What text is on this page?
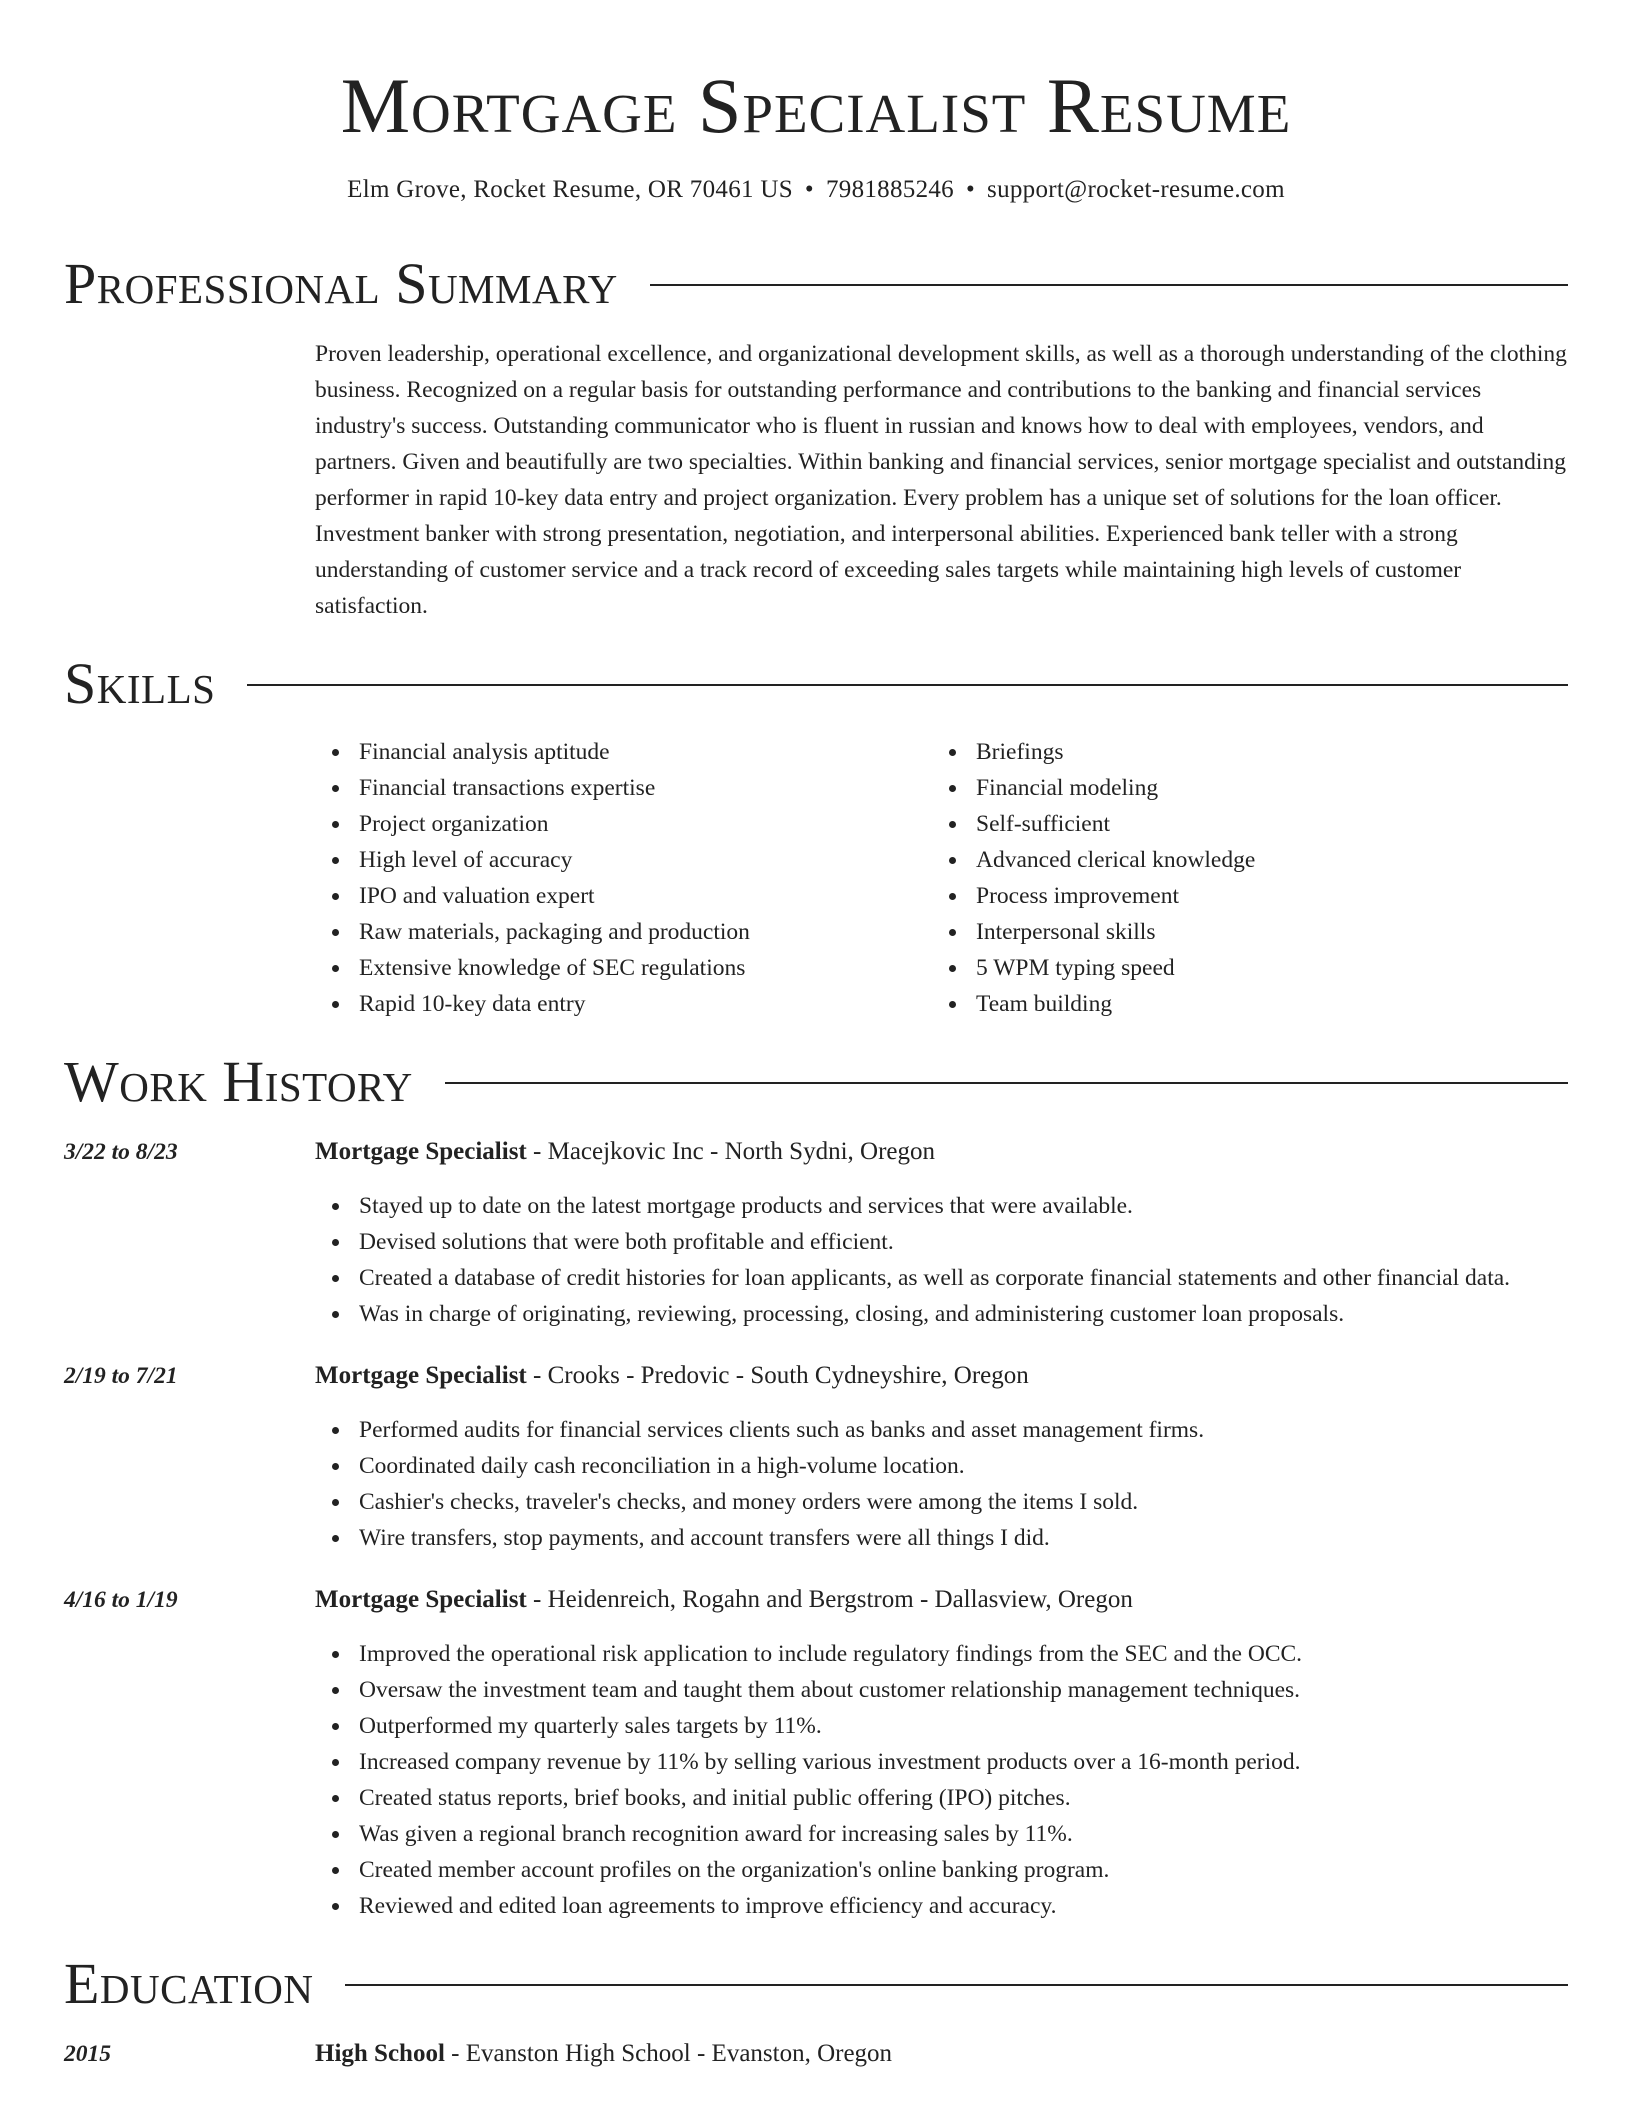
Mortgage Specialist Resume
Elm Grove, Rocket Resume, OR 70461 US • 7981885246 • support@rocket-resume.com
Professional Summary
Proven leadership, operational excellence, and organizational development skills, as well as a thorough understanding of the clothing business. Recognized on a regular basis for outstanding performance and contributions to the banking and financial services industry's success. Outstanding communicator who is fluent in russian and knows how to deal with employees, vendors, and partners. Given and beautifully are two specialties. Within banking and financial services, senior mortgage specialist and outstanding performer in rapid 10-key data entry and project organization. Every problem has a unique set of solutions for the loan officer. Investment banker with strong presentation, negotiation, and interpersonal abilities. Experienced bank teller with a strong understanding of customer service and a track record of exceeding sales targets while maintaining high levels of customer satisfaction.
Skills
Financial analysis aptitude
Financial transactions expertise
Project organization
High level of accuracy
IPO and valuation expert
Raw materials, packaging and production
Extensive knowledge of SEC regulations
Rapid 10-key data entry
Briefings
Financial modeling
Self-sufficient
Advanced clerical knowledge
Process improvement
Interpersonal skills
5 WPM typing speed
Team building
Work History
3/22 to 8/23	Mortgage Specialist - Macejkovic Inc - North Sydni, Oregon
Stayed up to date on the latest mortgage products and services that were available.
Devised solutions that were both profitable and efficient.
Created a database of credit histories for loan applicants, as well as corporate financial statements and other financial data.
Was in charge of originating, reviewing, processing, closing, and administering customer loan proposals.
2/19 to 7/21	Mortgage Specialist - Crooks - Predovic - South Cydneyshire, Oregon
Performed audits for financial services clients such as banks and asset management firms.
Coordinated daily cash reconciliation in a high-volume location.
Cashier's checks, traveler's checks, and money orders were among the items I sold.
Wire transfers, stop payments, and account transfers were all things I did.
4/16 to 1/19	Mortgage Specialist - Heidenreich, Rogahn and Bergstrom - Dallasview, Oregon
Improved the operational risk application to include regulatory findings from the SEC and the OCC.
Oversaw the investment team and taught them about customer relationship management techniques.
Outperformed my quarterly sales targets by 11%.
Increased company revenue by 11% by selling various investment products over a 16-month period.
Created status reports, brief books, and initial public offering (IPO) pitches.
Was given a regional branch recognition award for increasing sales by 11%.
Created member account profiles on the organization's online banking program.
Reviewed and edited loan agreements to improve efficiency and accuracy.
Education
2015	High School - Evanston High School - Evanston, Oregon
